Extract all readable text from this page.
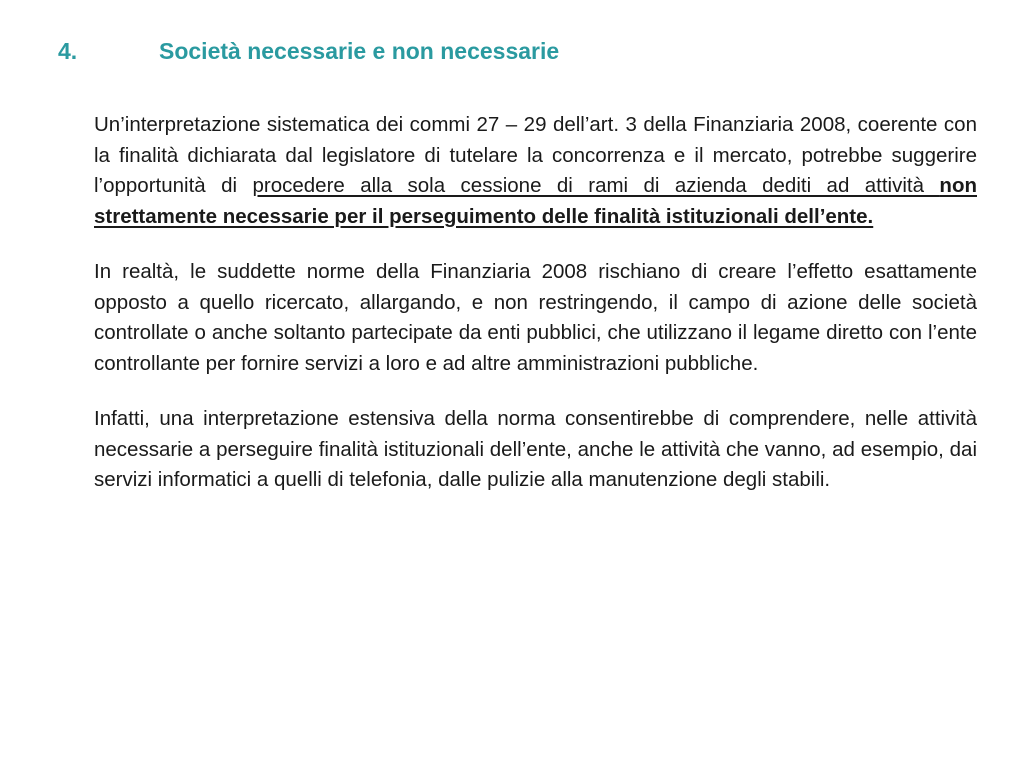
4.	Società necessarie e non necessarie

Un’interpretazione sistematica dei commi 27 – 29 dell’art. 3 della Finanziaria 2008, coerente con la finalità dichiarata dal legislatore di tutelare la concorrenza e il mercato, potrebbe suggerire l’opportunità di procedere alla sola cessione di rami di azienda dediti ad attività non strettamente necessarie per il perseguimento delle finalità istituzionali dell’ente.

In realtà, le suddette norme della Finanziaria 2008 rischiano di creare l’effetto esattamente opposto a quello ricercato, allargando, e non restringendo, il campo di azione delle società controllate o anche soltanto partecipate da enti pubblici, che utilizzano il legame diretto con l’ente controllante per fornire servizi a loro e ad altre amministrazioni pubbliche.

Infatti, una interpretazione estensiva della norma consentirebbe di comprendere, nelle attività necessarie a perseguire finalità istituzionali dell’ente, anche le attività che vanno, ad esempio, dai servizi informatici a quelli di telefonia, dalle pulizie alla manutenzione degli stabili.
